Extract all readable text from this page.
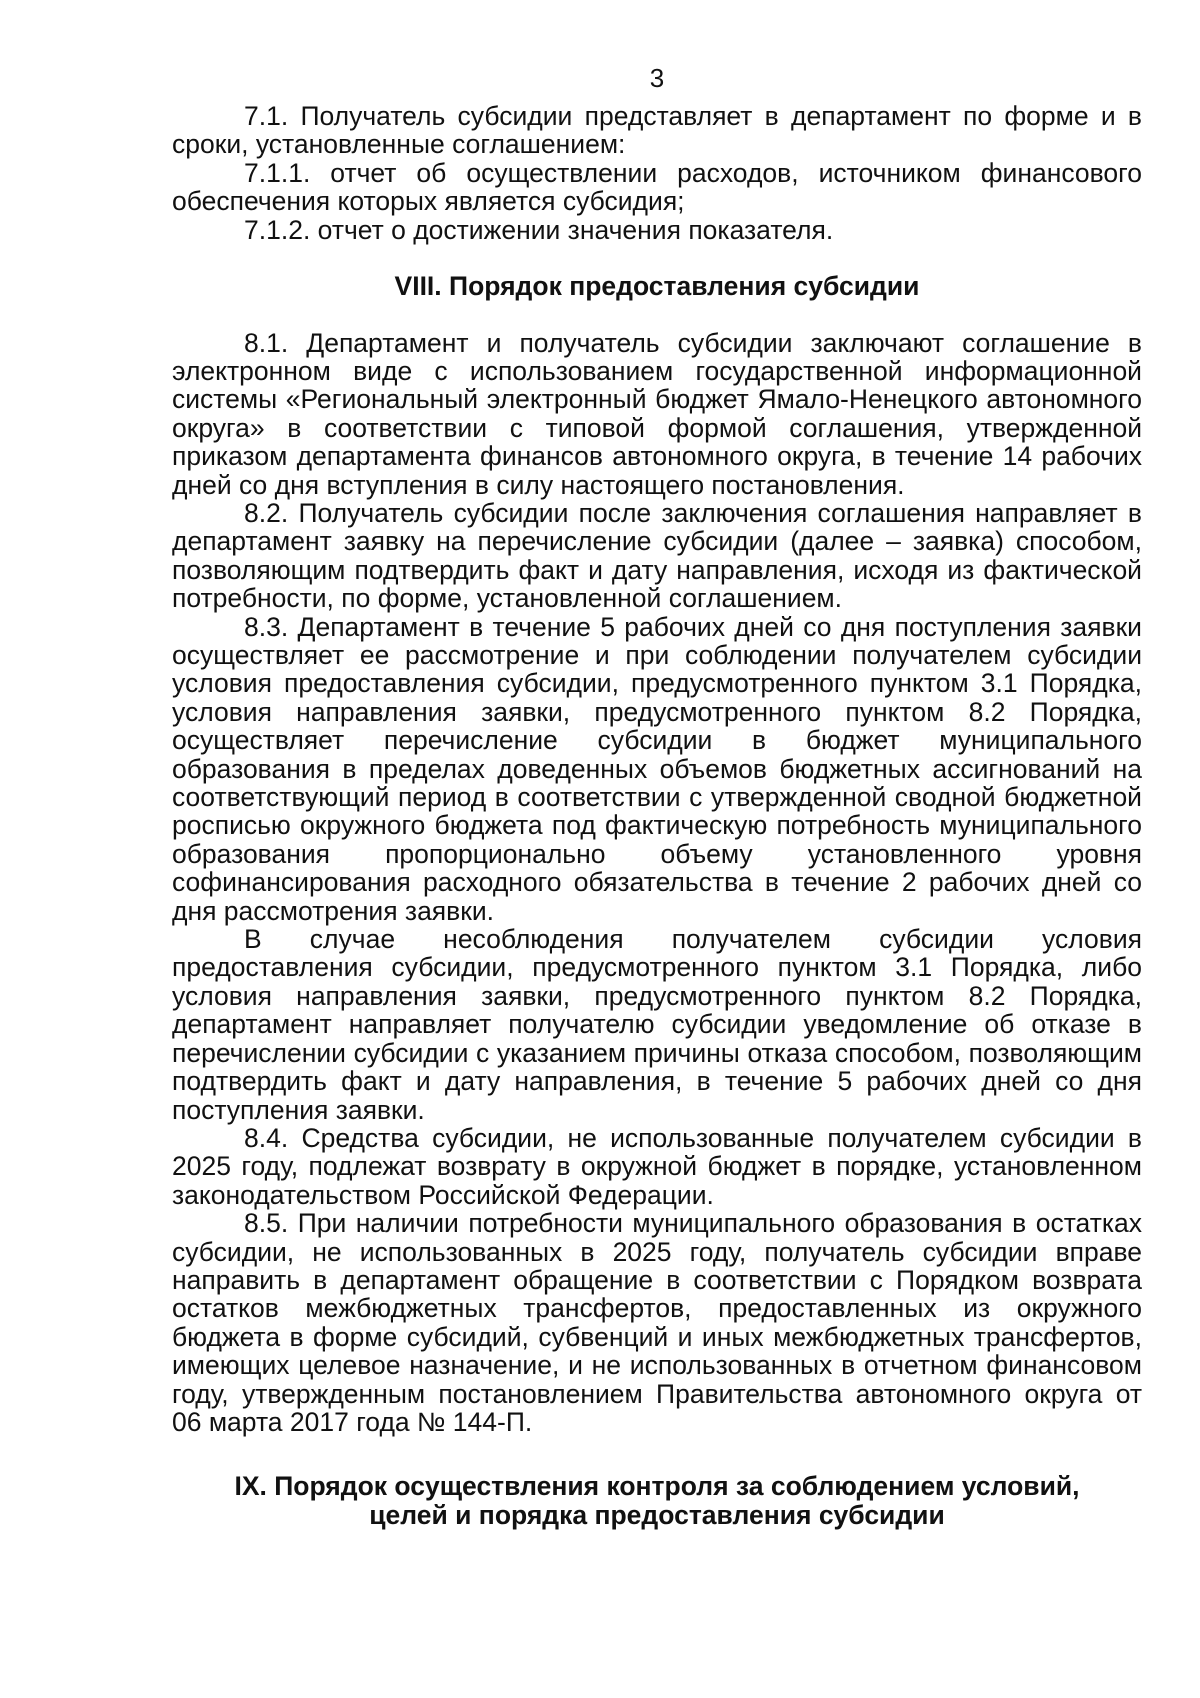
3

7.1. Получатель субсидии представляет в департамент по форме и в сроки, установленные соглашением:

7.1.1. отчет об осуществлении расходов, источником финансового обеспечения которых является субсидия;

7.1.2. отчет о достижении значения показателя.

VIII. Порядок предоставления субсидии

8.1. Департамент и получатель субсидии заключают соглашение в электронном виде с использованием государственной информационной системы «Региональный электронный бюджет Ямало-Ненецкого автономного округа» в соответствии с типовой формой соглашения, утвержденной приказом департамента финансов автономного округа, в течение 14 рабочих дней со дня вступления в силу настоящего постановления.

8.2. Получатель субсидии после заключения соглашения направляет в департамент заявку на перечисление субсидии (далее – заявка) способом, позволяющим подтвердить факт и дату направления, исходя из фактической потребности, по форме, установленной соглашением.

8.3. Департамент в течение 5 рабочих дней со дня поступления заявки осуществляет ее рассмотрение и при соблюдении получателем субсидии условия предоставления субсидии, предусмотренного пунктом 3.1 Порядка, условия направления заявки, предусмотренного пунктом 8.2 Порядка, осуществляет перечисление субсидии в бюджет муниципального образования в пределах доведенных объемов бюджетных ассигнований на соответствующий период в соответствии с утвержденной сводной бюджетной росписью окружного бюджета под фактическую потребность муниципального образования пропорционально объему установленного уровня софинансирования расходного обязательства в течение 2 рабочих дней со дня рассмотрения заявки.

В случае несоблюдения получателем субсидии условия предоставления субсидии, предусмотренного пунктом 3.1 Порядка, либо условия направления заявки, предусмотренного пунктом 8.2 Порядка, департамент направляет получателю субсидии уведомление об отказе в перечислении субсидии с указанием причины отказа способом, позволяющим подтвердить факт и дату направления, в течение 5 рабочих дней со дня поступления заявки.

8.4. Средства субсидии, не использованные получателем субсидии в 2025 году, подлежат возврату в окружной бюджет в порядке, установленном законодательством Российской Федерации.

8.5. При наличии потребности муниципального образования в остатках субсидии, не использованных в 2025 году, получатель субсидии вправе направить в департамент обращение в соответствии с Порядком возврата остатков межбюджетных трансфертов, предоставленных из окружного бюджета в форме субсидий, субвенций и иных межбюджетных трансфертов, имеющих целевое назначение, и не использованных в отчетном финансовом году, утвержденным постановлением Правительства автономного округа от 06 марта 2017 года № 144-П.

IX. Порядок осуществления контроля за соблюдением условий,
целей и порядка предоставления субсидии
